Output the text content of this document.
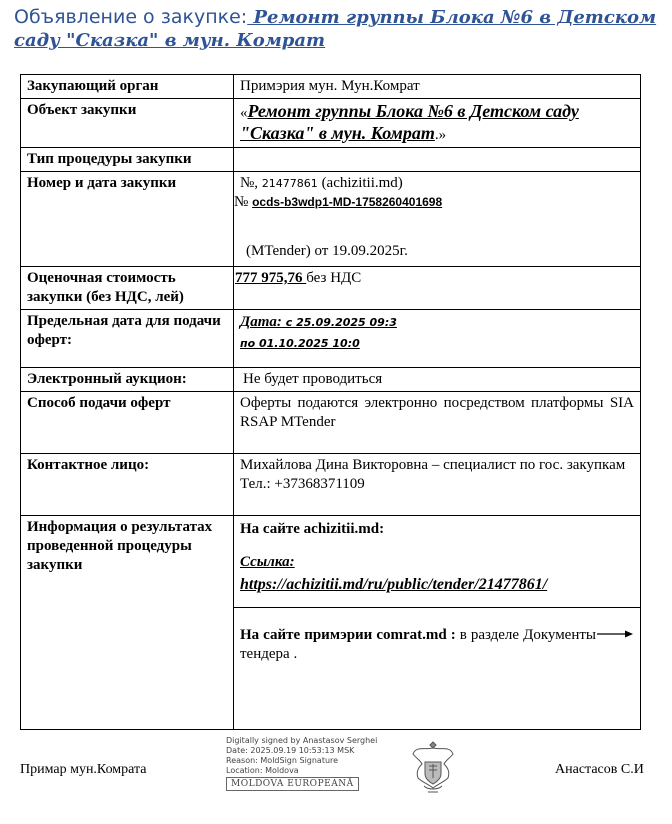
Объявление о закупке: Ремонт группы Блока №6 в Детском саду "Сказка" в мун. Комрат
Закупающий орган	Примэрия мун. Мун.Комрат
Объект закупки	«Ремонт группы Блока №6 в Детском саду "Сказка" в мун. Комрат.»
Тип процедуры закупки	
Номер и дата закупки	№, 21477861 (achizitii.md)
№ ocds-b3wdp1-MD-1758260401698
(MTender) от 19.09.2025г.

Оценочная стоимость закупки (без НДС, лей)	777 975,76 без НДС
Предельная дата для подачи оферт:	Дата: с 25.09.2025 09:3
по 01.10.2025 10:0

Электронный аукцион:	Не будет проводиться
Способ подачи оферт	Оферты подаются электронно посредством платформы SIA RSAP MTender
Контактное лицо:	Михайлова Дина Викторовна – специалист по гос. закупкам
Тел.: +37368371109

Информация о результатах проведенной процедуры закупки	На сайте achizitii.md:
Ссылка:
https://achizitii.md/ru/public/tender/21477861/
На сайте примэрии comrat.md : в разделе Документы тендера .
Digitally signed by Anastasov Serghei
Date: 2025.09.19 10:53:13 MSK
Reason: MoldSign Signature
Location: Moldova
MOLDOVA EUROPEANĂ
Примар мун.Комрата	Анастасов С.И
